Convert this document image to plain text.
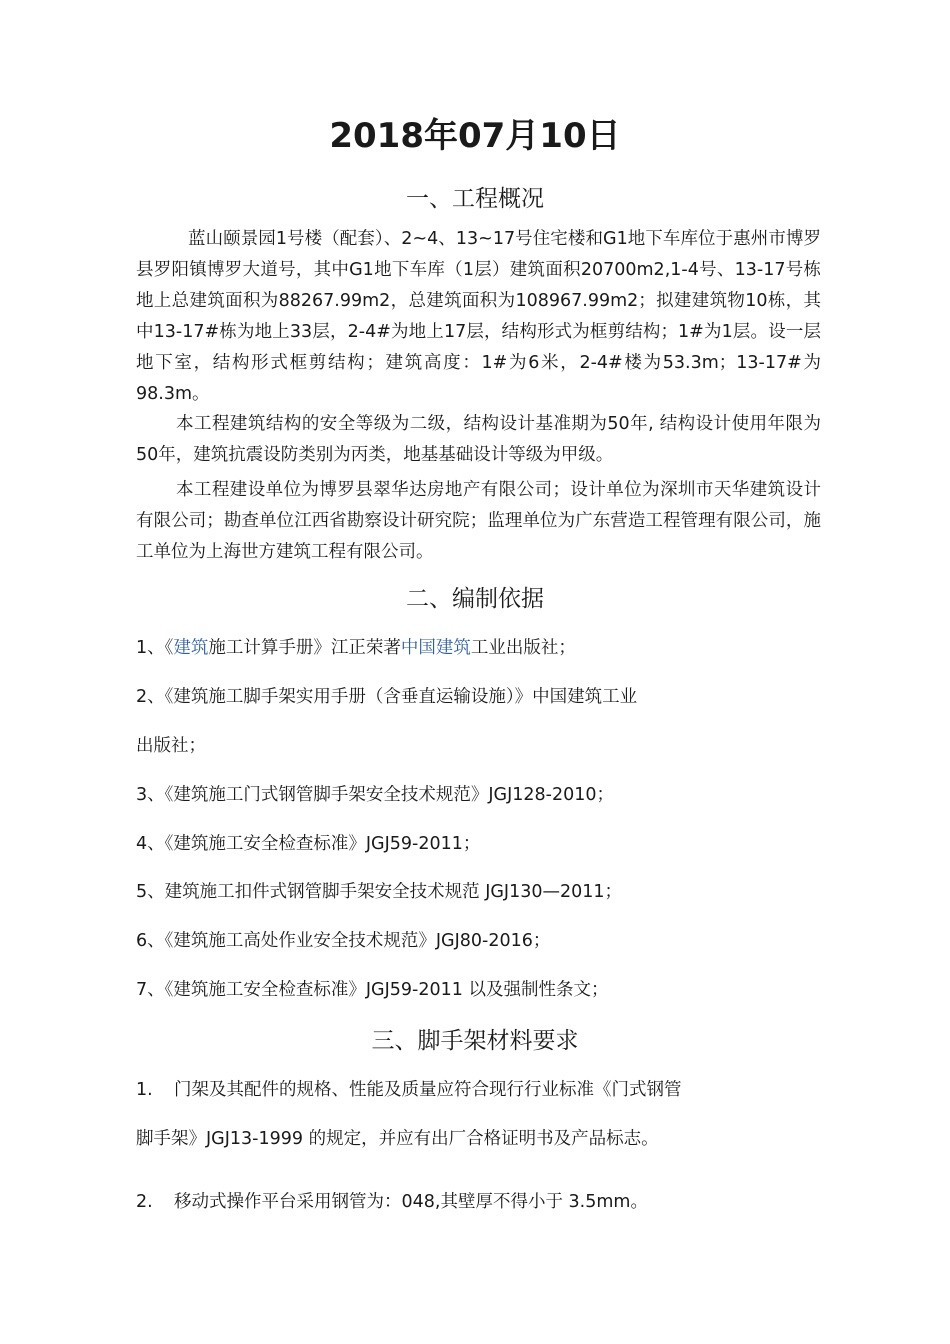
2018年07月10日
一、工程概况
蓝山颐景园1号楼（配套）、2~4、13~17号住宅楼和G1地下车库位于惠州市博罗县罗阳镇博罗大道号，其中G1地下车库（1层）建筑面积20700m2,1-4号、13-17号栋地上总建筑面积为88267.99m2，总建筑面积为108967.99m2；拟建建筑物10栋，其中13-17#栋为地上33层，2-4#为地上17层，结构形式为框剪结构；1#为1层。设一层地下室，结构形式框剪结构；建筑高度：1#为6米，2-4#楼为53.3m；13-17#为98.3m。
本工程建筑结构的安全等级为二级，结构设计基准期为50年, 结构设计使用年限为50年，建筑抗震设防类别为丙类，地基基础设计等级为甲级。
本工程建设单位为博罗县翠华达房地产有限公司；设计单位为深圳市天华建筑设计有限公司；勘查单位江西省勘察设计研究院；监理单位为广东营造工程管理有限公司，施工单位为上海世方建筑工程有限公司。
二、编制依据
1、《建筑施工计算手册》江正荣著中国建筑工业出版社；
2、《建筑施工脚手架实用手册（含垂直运输设施）》中国建筑工业
出版社；
3、《建筑施工门式钢管脚手架安全技术规范》JGJ128-2010；
4、《建筑施工安全检查标准》JGJ59-2011；
5、建筑施工扣件式钢管脚手架安全技术规范 JGJ130—2011；
6、《建筑施工高处作业安全技术规范》JGJ80-2016；
7、《建筑施工安全检查标准》JGJ59-2011 以及强制性条文；
三、脚手架材料要求
1. 门架及其配件的规格、性能及质量应符合现行行业标准《门式钢管
脚手架》JGJ13-1999 的规定，并应有出厂合格证明书及产品标志。
2. 移动式操作平台采用钢管为：048,其壁厚不得小于 3.5mm。
